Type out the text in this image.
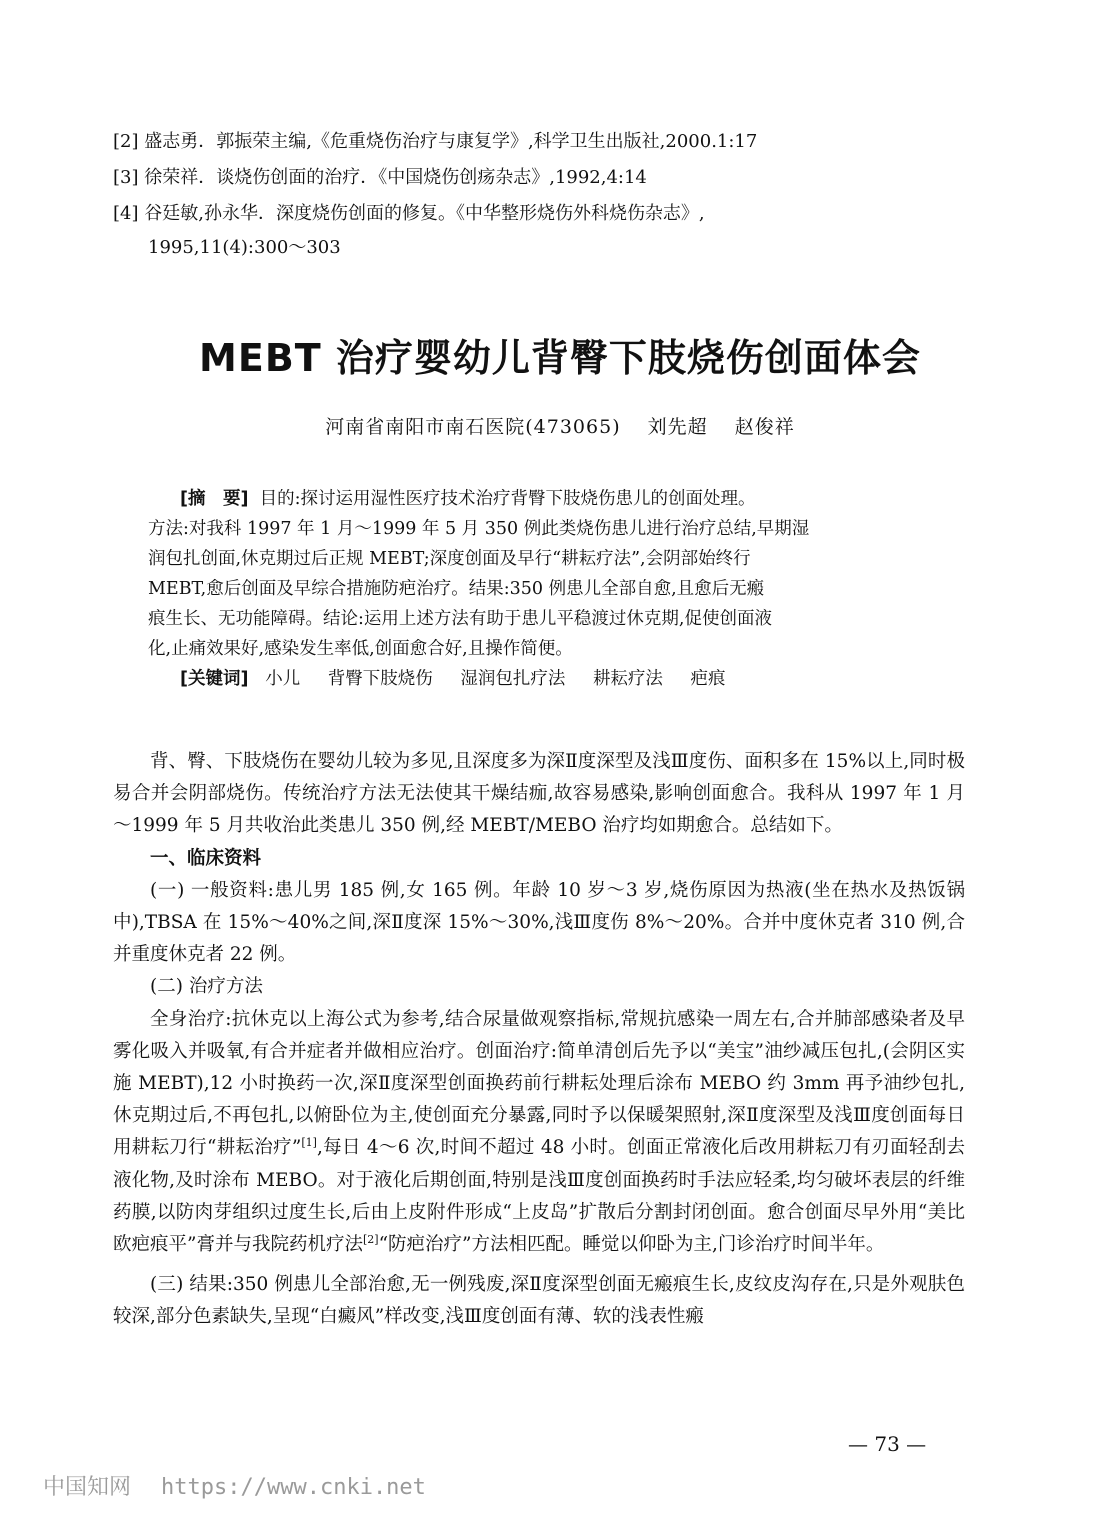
[2] 盛志勇．郭振荣主编,《危重烧伤治疗与康复学》,科学卫生出版社,2000.1:17
[3] 徐荣祥．谈烧伤创面的治疗．《中国烧伤创疡杂志》,1992,4:14
[4] 谷廷敏,孙永华．深度烧伤创面的修复。《中华整形烧伤外科烧伤杂志》,
1995,11(4):300～303
MEBT 治疗婴幼儿背臀下肢烧伤创面体会
河南省南阳市南石医院(473065) 刘先超 赵俊祥

[摘　要] 目的:探讨运用湿性医疗技术治疗背臀下肢烧伤患儿的创面处理。

方法:对我科 1997 年 1 月～1999 年 5 月 350 例此类烧伤患儿进行治疗总结,早期湿

润包扎创面,休克期过后正规 MEBT;深度创面及早行“耕耘疗法”,会阴部始终行

MEBT,愈后创面及早综合措施防疤治疗。结果:350 例患儿全部自愈,且愈后无瘢

痕生长、无功能障碍。结论:运用上述方法有助于患儿平稳渡过休克期,促使创面液

化,止痛效果好,感染发生率低,创面愈合好,且操作简便。

[关键词] 小儿 背臀下肢烧伤 湿润包扎疗法 耕耘疗法 疤痕

背、臀、下肢烧伤在婴幼儿较为多见,且深度多为深Ⅱ度深型及浅Ⅲ度伤、面积多在 15%以上,同时极易合并会阴部烧伤。传统治疗方法无法使其干燥结痂,故容易感染,影响创面愈合。我科从 1997 年 1 月～1999 年 5 月共收治此类患儿 350 例,经 MEBT/MEBO 治疗均如期愈合。总结如下。

一、临床资料

(一) 一般资料:患儿男 185 例,女 165 例。年龄 10 岁～3 岁,烧伤原因为热液(坐在热水及热饭锅中),TBSA 在 15%～40%之间,深Ⅱ度深 15%～30%,浅Ⅲ度伤 8%～20%。合并中度休克者 310 例,合并重度休克者 22 例。

(二) 治疗方法

全身治疗:抗休克以上海公式为参考,结合尿量做观察指标,常规抗感染一周左右,合并肺部感染者及早雾化吸入并吸氧,有合并症者并做相应治疗。创面治疗:简单清创后先予以“美宝”油纱减压包扎,(会阴区实施 MEBT),12 小时换药一次,深Ⅱ度深型创面换药前行耕耘处理后涂布 MEBO 约 3mm 再予油纱包扎,休克期过后,不再包扎,以俯卧位为主,使创面充分暴露,同时予以保暖架照射,深Ⅱ度深型及浅Ⅲ度创面每日用耕耘刀行“耕耘治疗”[1],每日 4～6 次,时间不超过 48 小时。创面正常液化后改用耕耘刀有刃面轻刮去液化物,及时涂布 MEBO。对于液化后期创面,特别是浅Ⅲ度创面换药时手法应轻柔,均匀破坏表层的纤维药膜,以防肉芽组织过度生长,后由上皮附件形成“上皮岛”扩散后分割封闭创面。愈合创面尽早外用“美比欧疤痕平”膏并与我院药机疗法[2]“防疤治疗”方法相匹配。睡觉以仰卧为主,门诊治疗时间半年。

(三) 结果:350 例患儿全部治愈,无一例残废,深Ⅱ度深型创面无瘢痕生长,皮纹皮沟存在,只是外观肤色较深,部分色素缺失,呈现“白癜风”样改变,浅Ⅲ度创面有薄、软的浅表性瘢

— 73 —
中国知网 https://www.cnki.net
